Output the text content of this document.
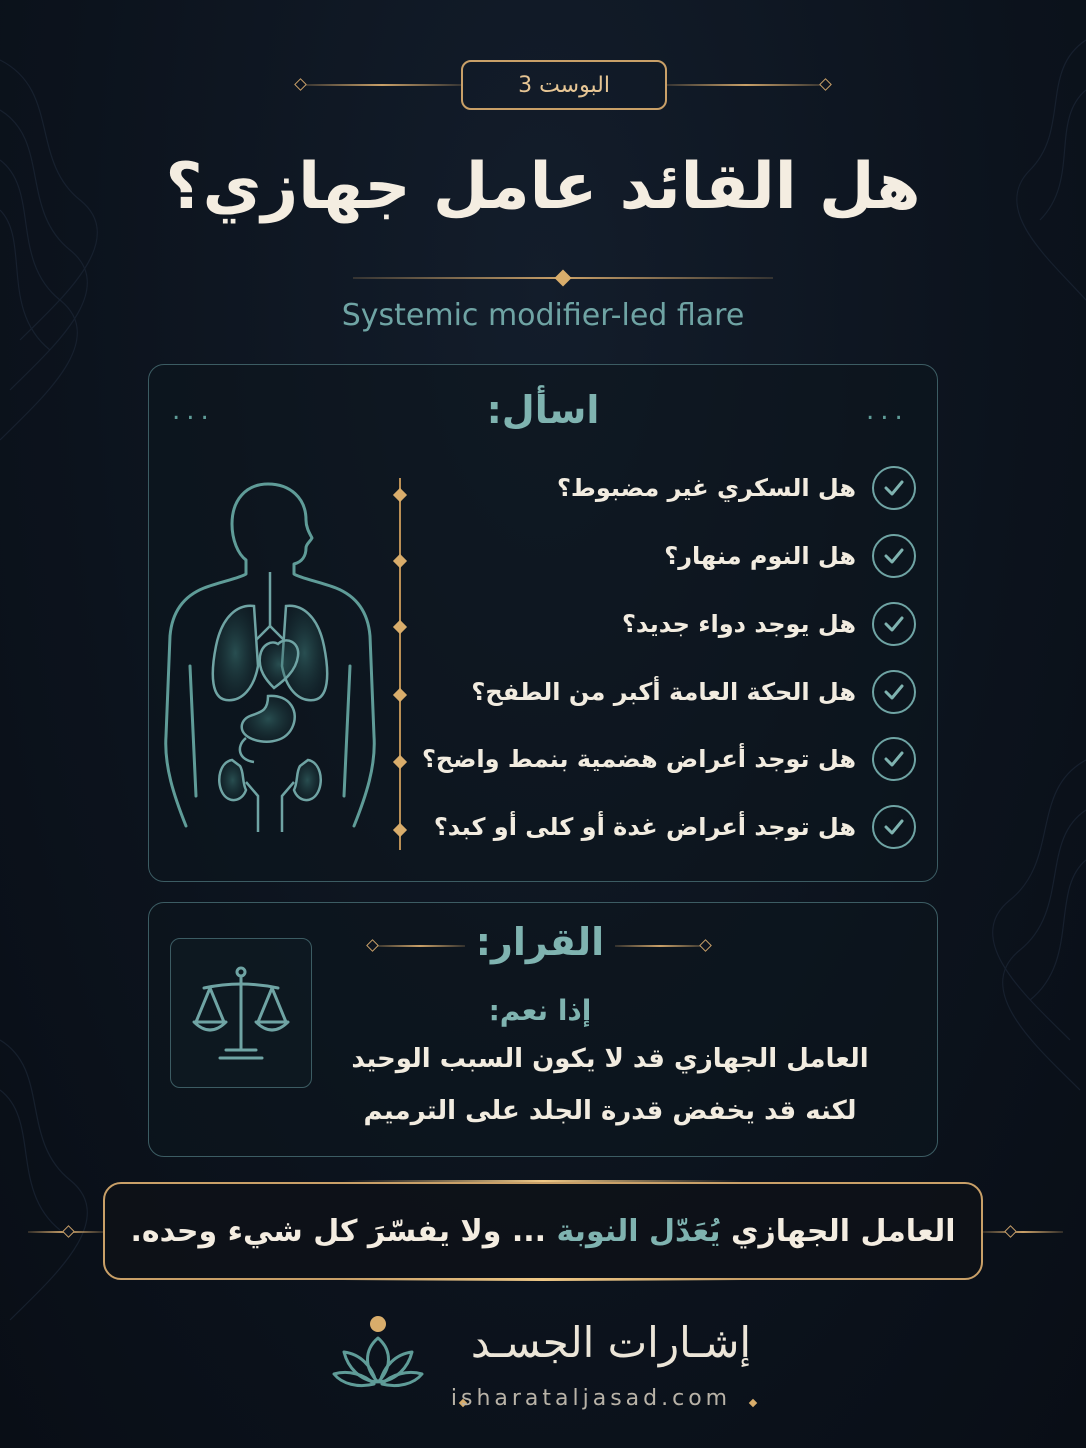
البوست 3
هل القائد عامل جهازي؟
Systemic modifier-led flare
اسأل:
...	...
هل السكري غير مضبوط؟
هل النوم منهار؟
هل يوجد دواء جديد؟
هل الحكة العامة أكبر من الطفح؟
هل توجد أعراض هضمية بنمط واضح؟
هل توجد أعراض غدة أو كلى أو كبد؟
القرار:
إذا نعم:
العامل الجهازي قد لا يكون السبب الوحيد
لكنه قد يخفض قدرة الجلد على الترميم
العامل الجهازي

يُعَدّل النوبة

... ولا يفسّرَ كل شيء وحده.
إشـارات الجسـد
isharataljasad.com
